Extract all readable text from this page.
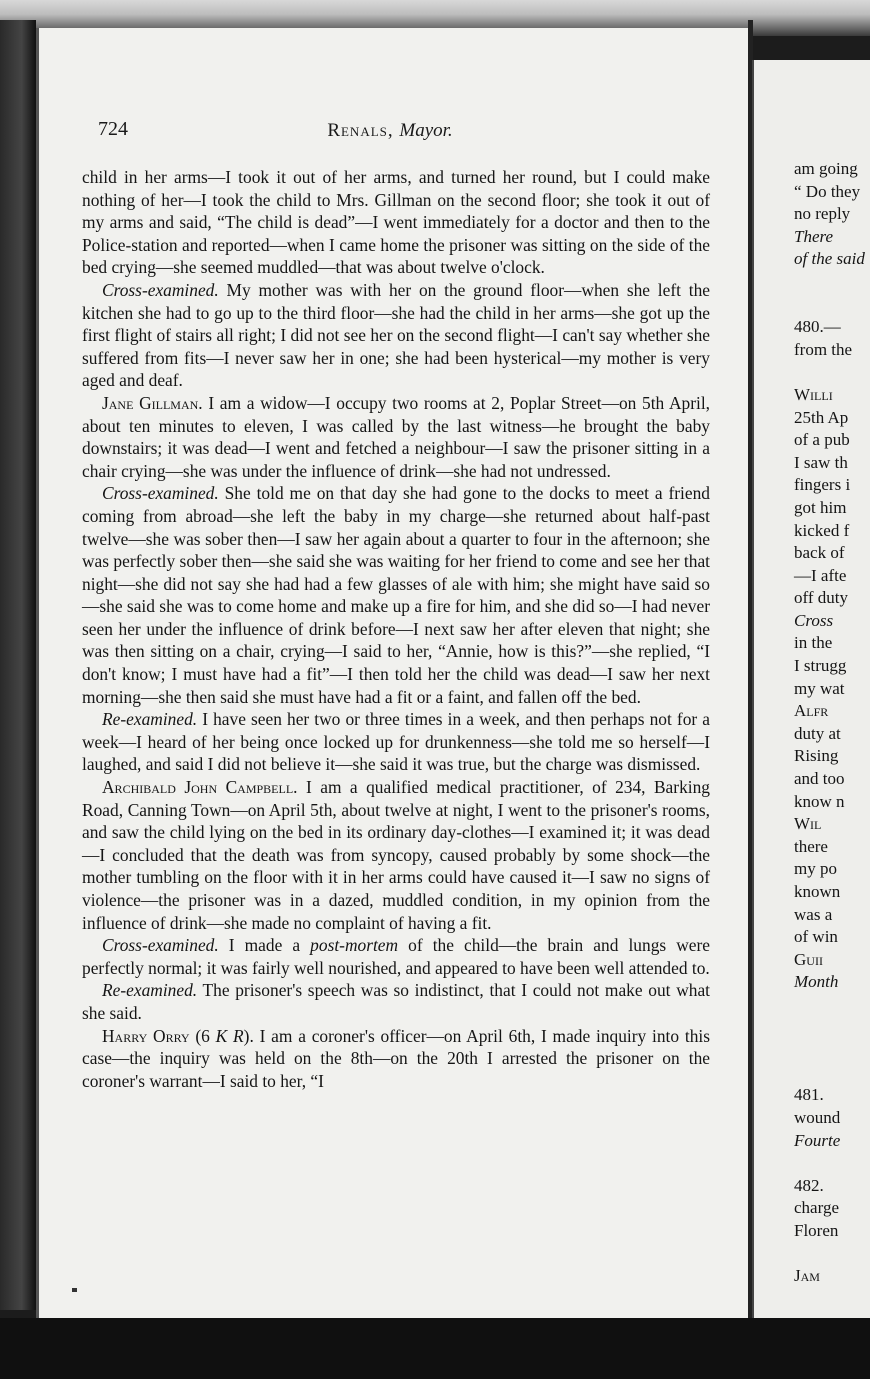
am going
“ Do they
no reply
There
of the said
480.—
from the
Willi
25th Ap
of a pub
I saw th
fingers i
got him
kicked f
back of
—I afte
off duty
Cross
in the
I strugg
my wat
Alfr
duty at
Rising
and too
know n
Wil
there
my po
known
was a
of win
Guii
Month
481.
wound
Fourte
482.
charge
Floren
Jam
724	Renals, Mayor.

child in her arms—I took it out of her arms, and turned her round, but I could make nothing of her—I took the child to Mrs. Gillman on the second floor; she took it out of my arms and said, “The child is dead”—I went immediately for a doctor and then to the Police-station and reported—when I came home the prisoner was sitting on the side of the bed crying—she seemed muddled—that was about twelve o'clock.

Cross-examined. My mother was with her on the ground floor—when she left the kitchen she had to go up to the third floor—she had the child in her arms—she got up the first flight of stairs all right; I did not see her on the second flight—I can't say whether she suffered from fits—I never saw her in one; she had been hysterical—my mother is very aged and deaf.

Jane Gillman. I am a widow—I occupy two rooms at 2, Poplar Street—on 5th April, about ten minutes to eleven, I was called by the last witness—he brought the baby downstairs; it was dead—I went and fetched a neighbour—I saw the prisoner sitting in a chair crying—she was under the influence of drink—she had not undressed.

Cross-examined. She told me on that day she had gone to the docks to meet a friend coming from abroad—she left the baby in my charge—she returned about half-past twelve—she was sober then—I saw her again about a quarter to four in the afternoon; she was perfectly sober then—she said she was waiting for her friend to come and see her that night—she did not say she had had a few glasses of ale with him; she might have said so—she said she was to come home and make up a fire for him, and she did so—I had never seen her under the influence of drink before—I next saw her after eleven that night; she was then sitting on a chair, crying—I said to her, “Annie, how is this?”—she replied, “I don't know; I must have had a fit”—I then told her the child was dead—I saw her next morning—she then said she must have had a fit or a faint, and fallen off the bed.

Re-examined. I have seen her two or three times in a week, and then perhaps not for a week—I heard of her being once locked up for drunkenness—she told me so herself—I laughed, and said I did not believe it—she said it was true, but the charge was dismissed.

Archibald John Campbell. I am a qualified medical practitioner, of 234, Barking Road, Canning Town—on April 5th, about twelve at night, I went to the prisoner's rooms, and saw the child lying on the bed in its ordinary day-clothes—I examined it; it was dead—I concluded that the death was from syncopy, caused probably by some shock—the mother tumbling on the floor with it in her arms could have caused it—I saw no signs of violence—the prisoner was in a dazed, muddled condition, in my opinion from the influence of drink—she made no complaint of having a fit.

Cross-examined. I made a post-mortem of the child—the brain and lungs were perfectly normal; it was fairly well nourished, and appeared to have been well attended to.

Re-examined. The prisoner's speech was so indistinct, that I could not make out what she said.

Harry Orry (6 K R). I am a coroner's officer—on April 6th, I made inquiry into this case—the inquiry was held on the 8th—on the 20th I arrested the prisoner on the coroner's warrant—I said to her, “I
